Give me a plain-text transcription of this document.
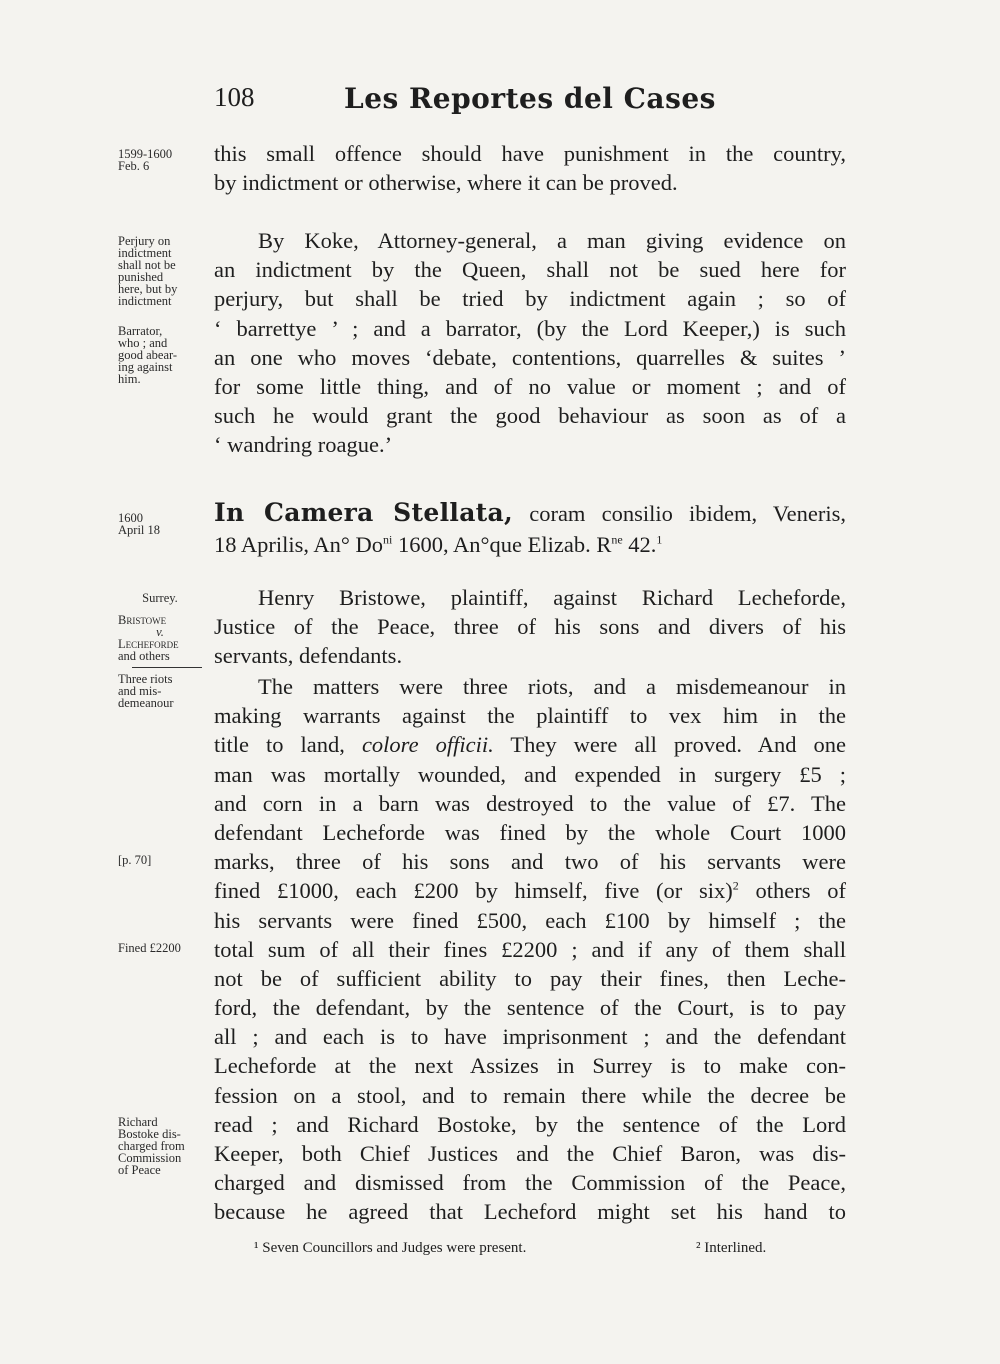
108	Les Reportes del Cases
1599-1600
Feb. 6
Perjury on
indictment
shall not be
punished
here, but by
indictment
Barrator,
who ; and
good abear-
ing against
him.
1600
April 18
Surrey.
Bristowe
v.
Lecheforde
and others
Three riots
and mis-
demeanour
[p. 70]
Fined £2200
Richard
Bostoke dis-
charged from
Commission
of Peace
this small offence should have punishment in the country,
by indictment or otherwise, where it can be proved.
By Koke, Attorney-general, a man giving evidence on
an indictment by the Queen, shall not be sued here for
perjury, but shall be tried by indictment again ; so of
‘ barrettye ’ ; and a barrator, (by the Lord Keeper,) is such
an one who moves ‘debate, contentions, quarrelles & suites ’
for some little thing, and of no value or moment ; and of
such he would grant the good behaviour as soon as of a
‘ wandring roague.’
In Camera Stellata, coram consilio ibidem, Veneris,
18 Aprilis, An° $Do^{ni}$ 1600, An°que Elizab. $R^{ne}$ 42.$^1$
Henry Bristowe, plaintiff, against Richard Lecheforde,
Justice of the Peace, three of his sons and divers of his
servants, defendants.
The matters were three riots, and a misdemeanour in
making warrants against the plaintiff to vex him in the
title to land, colore officii. They were all proved. And one
man was mortally wounded, and expended in surgery £5 ;
and corn in a barn was destroyed to the value of £7. The
defendant Lecheforde was fined by the whole Court 1000
marks, three of his sons and two of his servants were
fined £1000, each £200 by himself, five (or six)$^2$ others of
his servants were fined £500, each £100 by himself ; the
total sum of all their fines £2200 ; and if any of them shall
not be of sufficient ability to pay their fines, then Leche-
ford, the defendant, by the sentence of the Court, is to pay
all ; and each is to have imprisonment ; and the defendant
Lecheforde at the next Assizes in Surrey is to make con-
fession on a stool, and to remain there while the decree be
read ; and Richard Bostoke, by the sentence of the Lord
Keeper, both Chief Justices and the Chief Baron, was dis-
charged and dismissed from the Commission of the Peace,
because he agreed that Lecheford might set his hand to
¹ Seven Councillors and Judges were present.	² Interlined.
